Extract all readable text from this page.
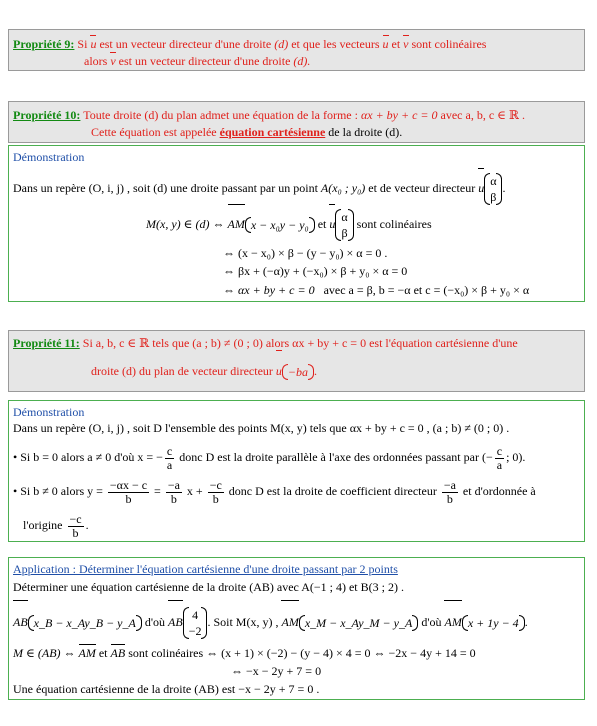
Propriété 9: Si u est un vecteur directeur d'une droite (d) et que les vecteurs u et v sont colinéaires
alors v est un vecteur directeur d'une droite (d).
Propriété 10: Toute droite (d) du plan admet une équation de la forme : αx + by + c = 0 avec a, b, c ∈ ℝ .
Cette équation est appelée équation cartésienne de la droite (d).
Démonstration
Dans un repère (O, i, j) , soit (d) une droite passant par un point A(x₀ ; y₀) et de vecteur directeur u α
β
.
M(x, y) ∈ (d) ⇔ AM x − x₀y − y₀ et u α
β
sont colinéaires
⇔ (x − x₀) × β − (y − y₀) × α = 0 .
⇔ βx + (−α)y + (−x₀) × β + y₀ × α = 0
⇔ αx + by + c = 0 avec a = β, b = −α et c = (−x₀) × β + y₀ × α
Propriété 11: Si a, b, c ∈ ℝ tels que (a ; b) ≠ (0 ; 0) alors αx + by + c = 0 est l'équation cartésienne d'une
droite (d) du plan de vecteur directeur u −ba .
Démonstration
Dans un repère (O, i, j) , soit D l'ensemble des points M(x, y) tels que αx + by + c = 0 , (a ; b) ≠ (0 ; 0) .
• Si b = 0 alors a ≠ 0 d'où x = − $\frac{c}{a}$ donc D est la droite parallèle à l'axe des ordonnées passant par (− $\frac{c}{a}$ ; 0).
• Si b ≠ 0 alors $y = \frac{-\alpha x - c}{b} = \frac{-a}{b}$ $x + \frac{-c}{b}$ donc D est la droite de coefficient directeur $\frac{-a}{b}$ et d'ordonnée à
l'origine $\frac{-c}{b}$ .
Application : Déterminer l'équation cartésienne d'une droite passant par 2 points
Déterminer une équation cartésienne de la droite (AB) avec A(−1 ; 4) et B(3 ; 2) .
AB x_B − x_Ay_B − y_A d'où AB 4
−2
. Soit M(x, y) , AM x_M − x_Ay_M − y_A d'où AM x + 1y − 4 .
M ∈ (AB) ⇔ AM et AB sont colinéaires ⇔ (x + 1) × (−2) − (y − 4) × 4 = 0 ⇔ −2x − 4y + 14 = 0
⇔ −x − 2y + 7 = 0
Une équation cartésienne de la droite (AB) est −x − 2y + 7 = 0 .
